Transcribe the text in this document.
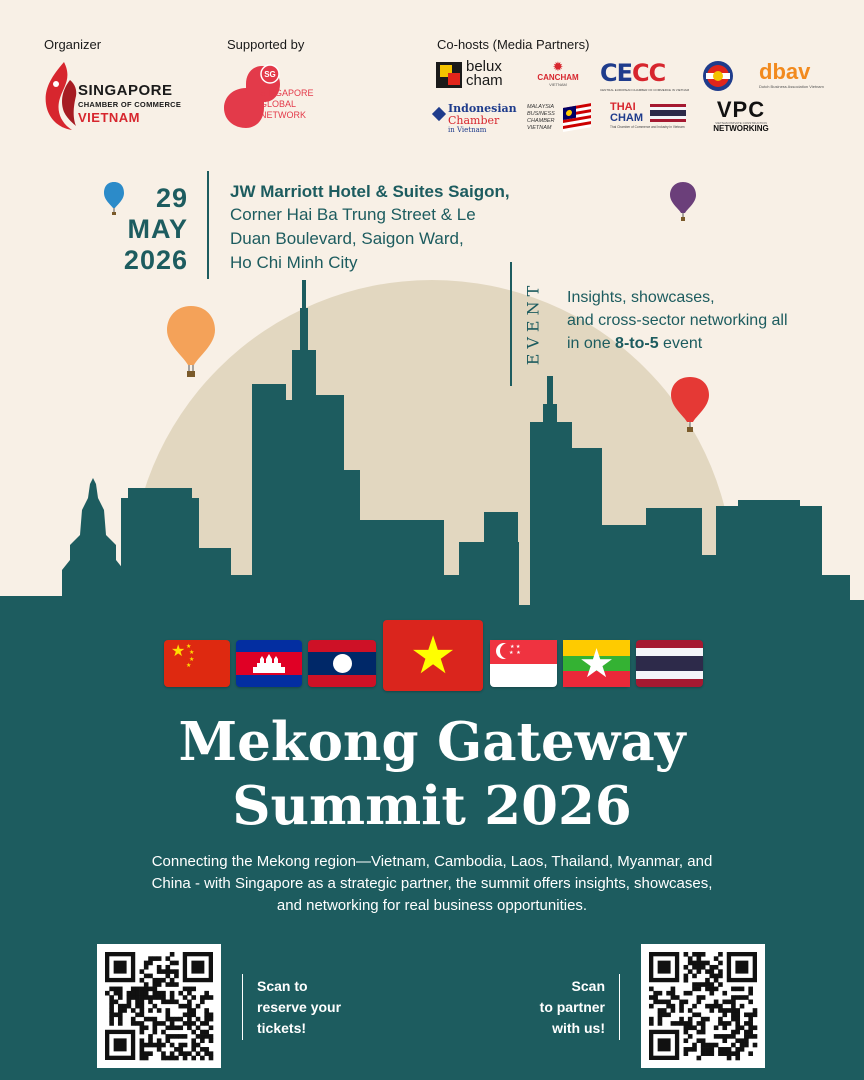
Organizer	Supported by	Co-hosts (Media Partners)
SINGAPORE
CHAMBER OF COMMERCE
VIETNAM
SG
SINGAPORE
GLOBAL
NETWORK
belux
cham
✹
CANCHAM
VIETNAM	CECC
CENTRAL EUROPEAN CHAMBER OF COMMERCE IN VIETNAM
dbav
Dutch Business Association Vietnam
Indonesian
Chamber
in Vietnam
MALAYSIA
BUSINESS
CHAMBER
VIETNAM
THAI
CHAM
Thai Chamber of Commerce and Industry in Vietnam
VPC
VIETNAM PRIVATE CONSTRUCTION
NETWORKING
29
MAY
2026
JW Marriott Hotel & Suites Saigon,
Corner Hai Ba Trung Street & Le
Duan Boulevard, Saigon Ward,
Ho Chi Minh City
EVENT Insights, showcases,
and cross-sector networking all
in one 8-to-5 event
★ ★
★
★
★	★	★ ★
★  ★	★
Mekong Gateway
Summit 2026
Connecting the Mekong region—Vietnam, Cambodia, Laos, Thailand, Myanmar, and
China - with Singapore as a strategic partner, the summit offers insights, showcases,
and networking for real business opportunities.
Scan to
reserve your
tickets!
Scan
to partner
with us!
